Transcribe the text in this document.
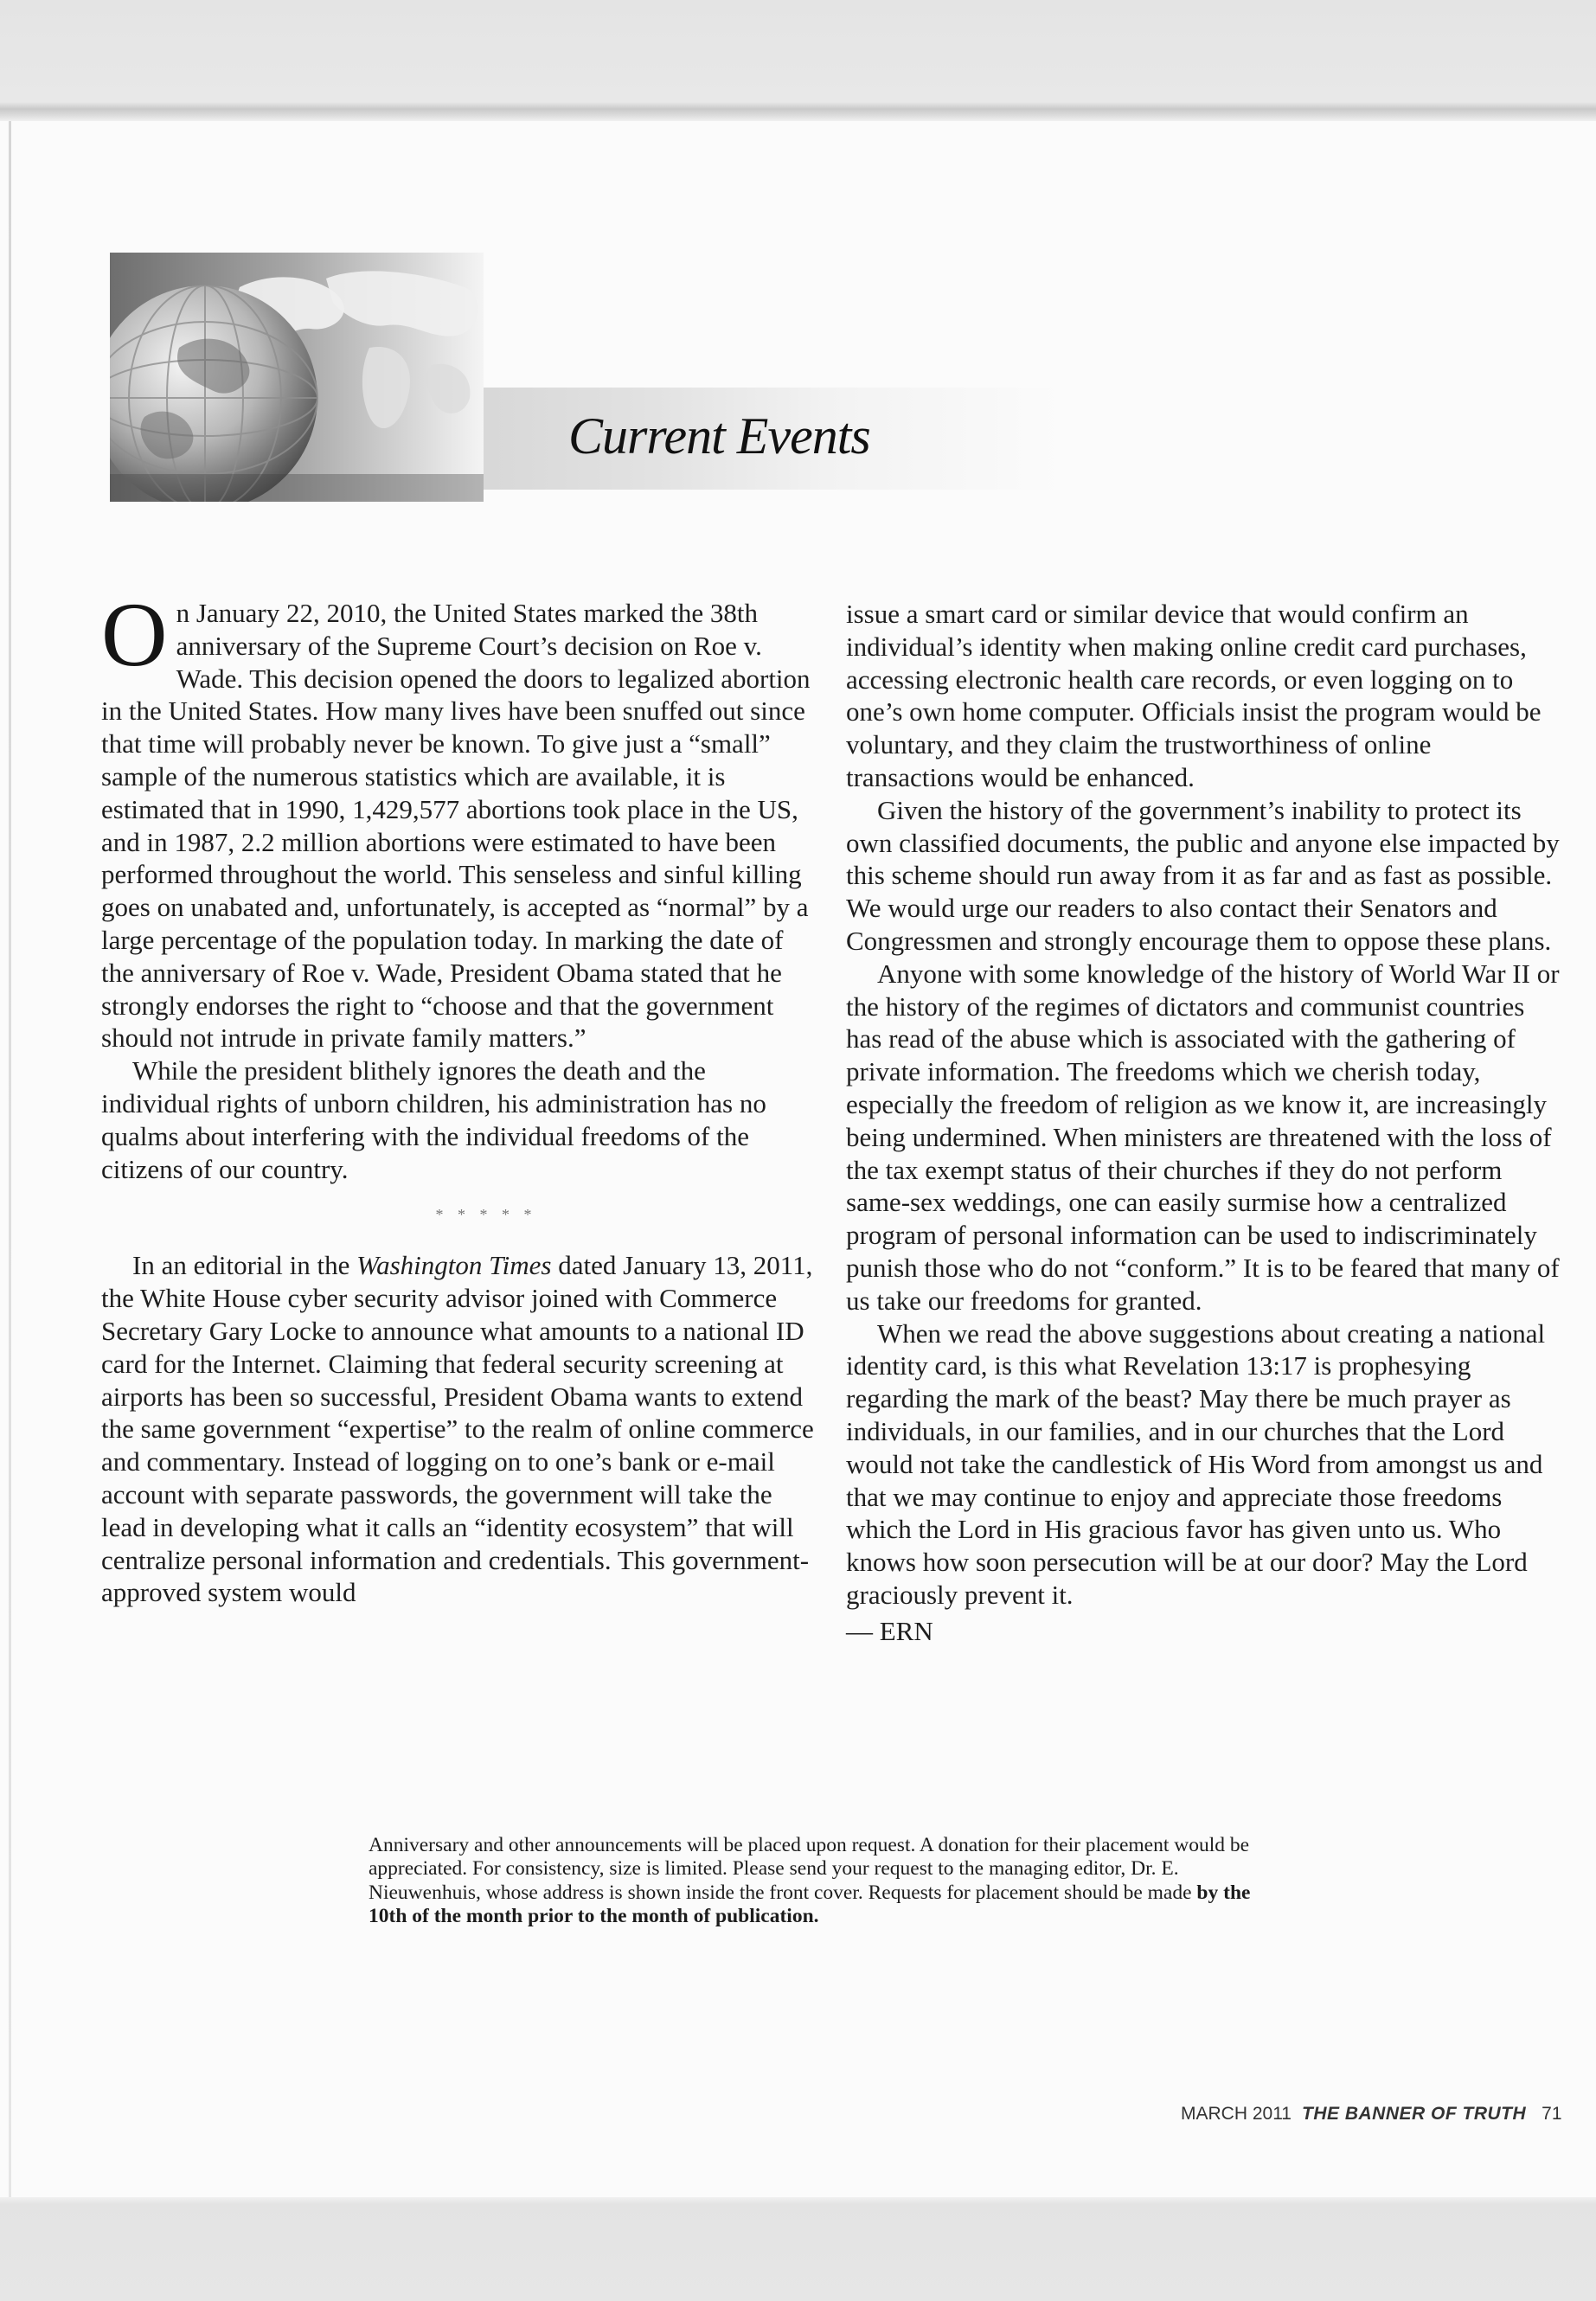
Current Events

On January 22, 2010, the United States marked the 38th anniversary of the Supreme Court’s decision on Roe v. Wade. This decision opened the doors to legalized abortion in the United States. How many lives have been snuffed out since that time will probably never be known. To give just a “small” sample of the numerous statistics which are available, it is estimated that in 1990, 1,429,577 abortions took place in the US, and in 1987, 2.2 million abortions were estimated to have been performed throughout the world. This senseless and sinful killing goes on unabated and, unfortunately, is accepted as “normal” by a large percentage of the population today. In marking the date of the anniversary of Roe v. Wade, President Obama stated that he strongly endorses the right to “choose and that the government should not intrude in private family matters.”

While the president blithely ignores the death and the individual rights of unborn children, his administration has no qualms about interfering with the individual freedoms of the citizens of our country.

* * * * *

In an editorial in the Washington Times dated January 13, 2011, the White House cyber security advisor joined with Commerce Secretary Gary Locke to announce what amounts to a national ID card for the Internet. Claiming that federal security screening at airports has been so successful, President Obama wants to extend the same government “expertise” to the realm of online commerce and commentary. Instead of logging on to one’s bank or e-mail account with separate passwords, the government will take the lead in developing what it calls an “identity ecosystem” that will centralize personal information and credentials. This government-approved system would

issue a smart card or similar device that would confirm an individual’s identity when making online credit card purchases, accessing electronic health care records, or even logging on to one’s own home computer. Officials insist the program would be voluntary, and they claim the trustworthiness of online transactions would be enhanced.

Given the history of the government’s inability to protect its own classified documents, the public and anyone else impacted by this scheme should run away from it as far and as fast as possible. We would urge our readers to also contact their Senators and Congressmen and strongly encourage them to oppose these plans.

Anyone with some knowledge of the history of World War II or the history of the regimes of dictators and communist countries has read of the abuse which is associated with the gathering of private information. The freedoms which we cherish today, especially the freedom of religion as we know it, are increasingly being undermined. When ministers are threatened with the loss of the tax exempt status of their churches if they do not perform same-sex weddings, one can easily surmise how a centralized program of personal information can be used to indiscriminately punish those who do not “conform.” It is to be feared that many of us take our freedoms for granted.

When we read the above suggestions about creating a national identity card, is this what Revelation 13:17 is prophesying regarding the mark of the beast? May there be much prayer as individuals, in our families, and in our churches that the Lord would not take the candlestick of His Word from amongst us and that we may continue to enjoy and appreciate those freedoms which the Lord in His gracious favor has given unto us. Who knows how soon persecution will be at our door? May the Lord graciously prevent it.

— ERN

Anniversary and other announcements will be placed upon request. A donation for their placement would be appreciated. For consistency, size is limited. Please send your request to the managing editor, Dr. E. Nieuwenhuis, whose address is shown inside the front cover. Requests for placement should be made by the 10th of the month prior to the month of publication.
MARCH 2011 THE BANNER OF TRUTH 71
